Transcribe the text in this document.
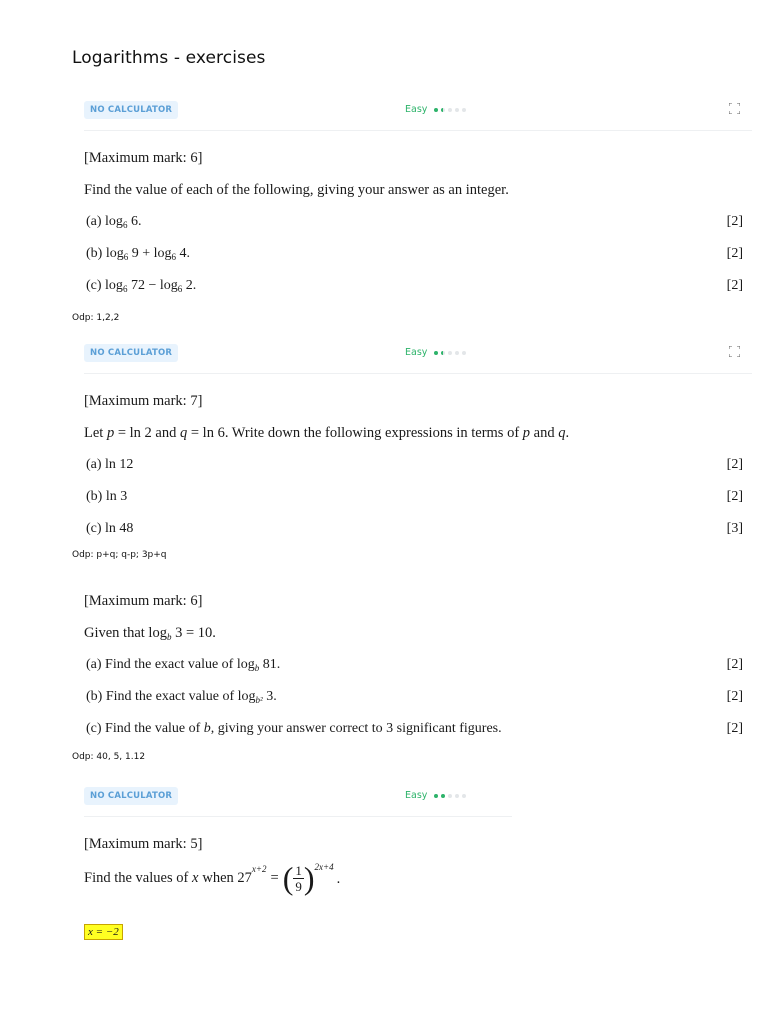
Logarithms - exercises
NO CALCULATOR	Easy
[Maximum mark: 6]
Find the value of each of the following, giving your answer as an integer.
(a) $\log_6 6$.	[2]
(b) $\log_6 9 + \log_6 4$.	[2]
(c) $\log_6 72 - \log_6 2$.	[2]
Odp: 1,2,2
NO CALCULATOR	Easy
[Maximum mark: 7]
Let p = ln 2 and q = ln 6. Write down the following expressions in terms of p and q.
(a) ln 12	[2]
(b) ln 3	[2]
(c) ln 48	[3]
Odp: p+q; q-p; 3p+q
[Maximum mark: 6]
Given that $\log_b 3 = 10$.
(a) Find the exact value of $\log_b 81$.	[2]
(b) Find the exact value of $\log_{b^2} 3$.	[2]
(c) Find the value of b, giving your answer correct to 3 significant figures.	[2]
Odp: 40, 5, 1.12
NO CALCULATOR	Easy
[Maximum mark: 5]
Find the values of
x when 27
$^{x+2}$
= ( $\frac{1}{9} )^{2x+4}$
.
x = −2
